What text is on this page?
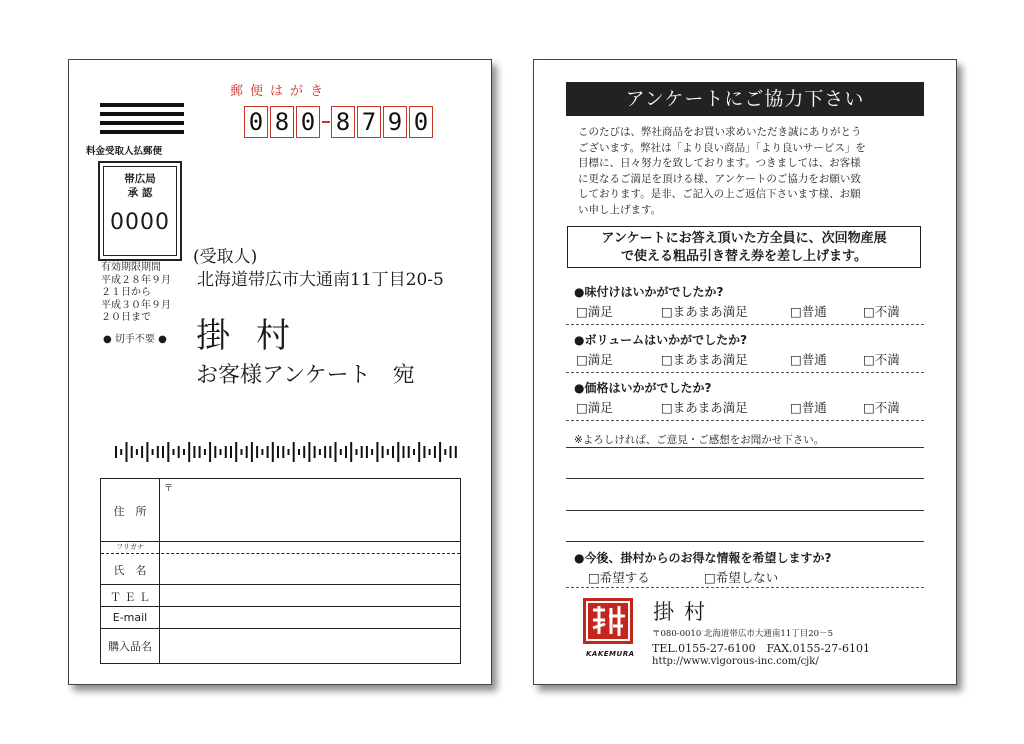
郵便はがき
0 8 0 8 7 9 0
料金受取人払郵便
帯広局
承 認
0000
有効期限期間
平成２８年９月
２１日から
平成３０年９月
２０日まで
● 切手不要 ●
(受取人)
北海道帯広市大通南11丁目20-5
掛村
お客様アンケート　宛
〒
住　所
フリガナ
氏　名
Ｔ Ｅ Ｌ
E-mail
購入品名
アンケートにご協力下さい
このたびは、弊社商品をお買い求めいただき誠にありがとう
ございます。弊社は「より良い商品」「より良いサービス」を
目標に、日々努力を致しております。つきましては、お客様
に更なるご満足を頂ける様、アンケートのご協力をお願い致
しております。是非、ご記入の上ご返信下さいます様、お願
い申し上げます。
アンケートにお答え頂いた方全員に、次回物産展
で使える粗品引き替え券を差し上げます。
●味付けはいかがでしたか?
□満足	□まあまあ満足	□普通	□不満
●ボリュームはいかがでしたか?
□満足	□まあまあ満足	□普通	□不満
●価格はいかがでしたか?
□満足	□まあまあ満足	□普通	□不満
※よろしければ、ご意見・ご感想をお聞かせ下さい。
●今後、掛村からのお得な情報を希望しますか?
□希望する	□希望しない
KAKEMURA
掛村
〒080-0010 北海道帯広市大通南11丁目20－5
TEL.0155-27-6100　FAX.0155-27-6101
http://www.vigorous-inc.com/cjk/
